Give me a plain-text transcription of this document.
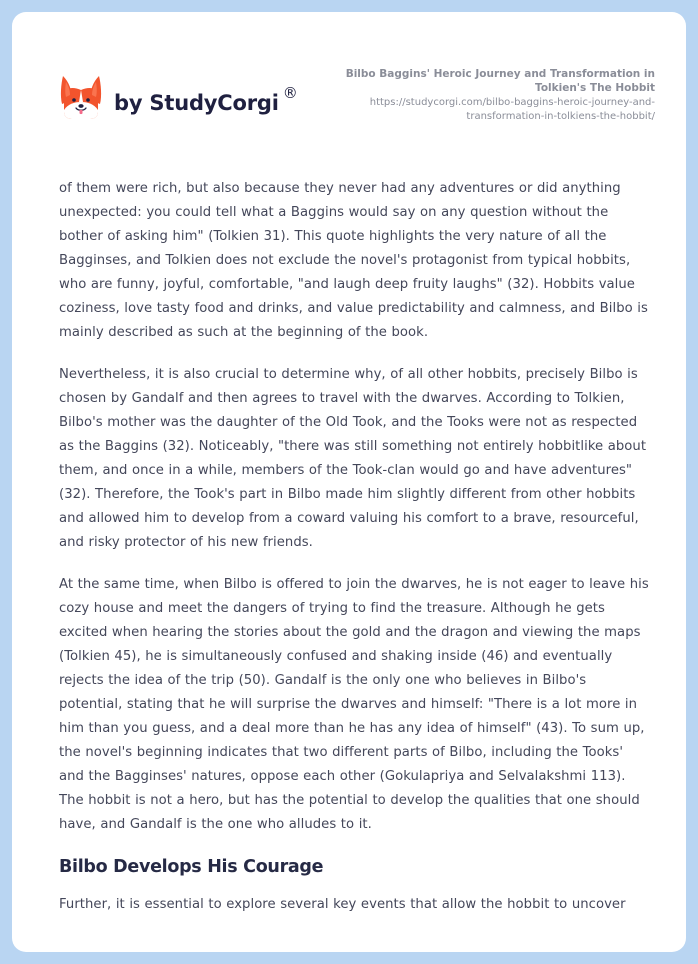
by StudyCorgi ®
Bilbo Baggins' Heroic Journey and Transformation in Tolkien's The Hobbit
https://studycorgi.com/bilbo-baggins-heroic-journey-and-transformation-in-tolkiens-the-hobbit/

of them were rich, but also because they never had any adventures or did anything unexpected: you could tell what a Baggins would say on any question without the bother of asking him" (Tolkien 31). This quote highlights the very nature of all the Bagginses, and Tolkien does not exclude the novel's protagonist from typical hobbits, who are funny, joyful, comfortable, "and laugh deep fruity laughs" (32). Hobbits value coziness, love tasty food and drinks, and value predictability and calmness, and Bilbo is mainly described as such at the beginning of the book.

Nevertheless, it is also crucial to determine why, of all other hobbits, precisely Bilbo is chosen by Gandalf and then agrees to travel with the dwarves. According to Tolkien, Bilbo's mother was the daughter of the Old Took, and the Tooks were not as respected as the Baggins (32). Noticeably, "there was still something not entirely hobbitlike about them, and once in a while, members of the Took-clan would go and have adventures" (32). Therefore, the Took's part in Bilbo made him slightly different from other hobbits and allowed him to develop from a coward valuing his comfort to a brave, resourceful, and risky protector of his new friends.

At the same time, when Bilbo is offered to join the dwarves, he is not eager to leave his cozy house and meet the dangers of trying to find the treasure. Although he gets excited when hearing the stories about the gold and the dragon and viewing the maps (Tolkien 45), he is simultaneously confused and shaking inside (46) and eventually rejects the idea of the trip (50). Gandalf is the only one who believes in Bilbo's potential, stating that he will surprise the dwarves and himself: "There is a lot more in him than you guess, and a deal more than he has any idea of himself" (43). To sum up, the novel's beginning indicates that two different parts of Bilbo, including the Tooks' and the Bagginses' natures, oppose each other (Gokulapriya and Selvalakshmi 113). The hobbit is not a hero, but has the potential to develop the qualities that one should have, and Gandalf is the one who alludes to it.

Bilbo Develops His Courage

Further, it is essential to explore several key events that allow the hobbit to uncover
